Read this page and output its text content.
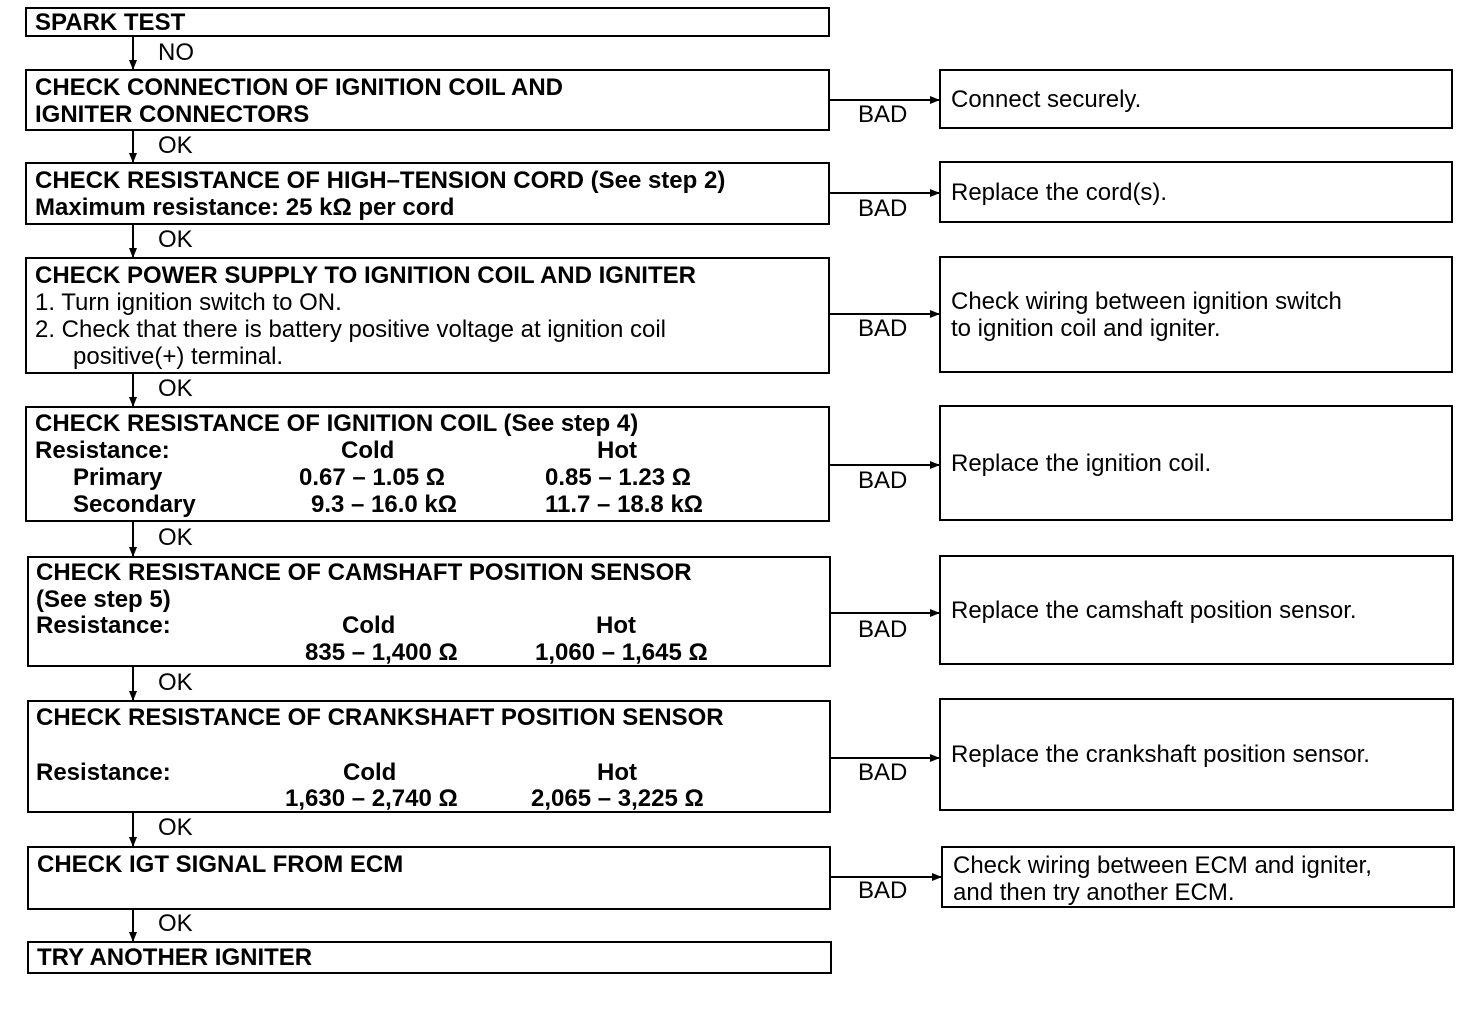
NO
OK
OK
OK
OK
OK
OK
OK
BAD
BAD
BAD
BAD
BAD
BAD
BAD
SPARK TEST
CHECK CONNECTION OF IGNITION COIL AND
IGNITER CONNECTORS
CHECK RESISTANCE OF HIGH–TENSION CORD (See step 2)
Maximum resistance: 25 kΩ per cord
CHECK POWER SUPPLY TO IGNITION COIL AND IGNITER
1. Turn ignition switch to ON.
2. Check that there is battery positive voltage at ignition coil
positive(+) terminal.
CHECK RESISTANCE OF IGNITION COIL (See step 4)
Resistance:	Cold	Hot
Primary	0.67 – 1.05 Ω	0.85 – 1.23 Ω
Secondary	9.3 – 16.0 kΩ	11.7 – 18.8 kΩ
CHECK RESISTANCE OF CAMSHAFT POSITION SENSOR
(See step 5)
Resistance:	Cold	Hot
835 – 1,400 Ω	1,060 – 1,645 Ω
CHECK RESISTANCE OF CRANKSHAFT POSITION SENSOR
Resistance:	Cold	Hot
1,630 – 2,740 Ω	2,065 – 3,225 Ω
CHECK IGT SIGNAL FROM ECM
TRY ANOTHER IGNITER
Connect securely.
Replace the cord(s).
Check wiring between ignition switch
to ignition coil and igniter.
Replace the ignition coil.
Replace the camshaft position sensor.
Replace the crankshaft position sensor.
Check wiring between ECM and igniter,
and then try another ECM.
